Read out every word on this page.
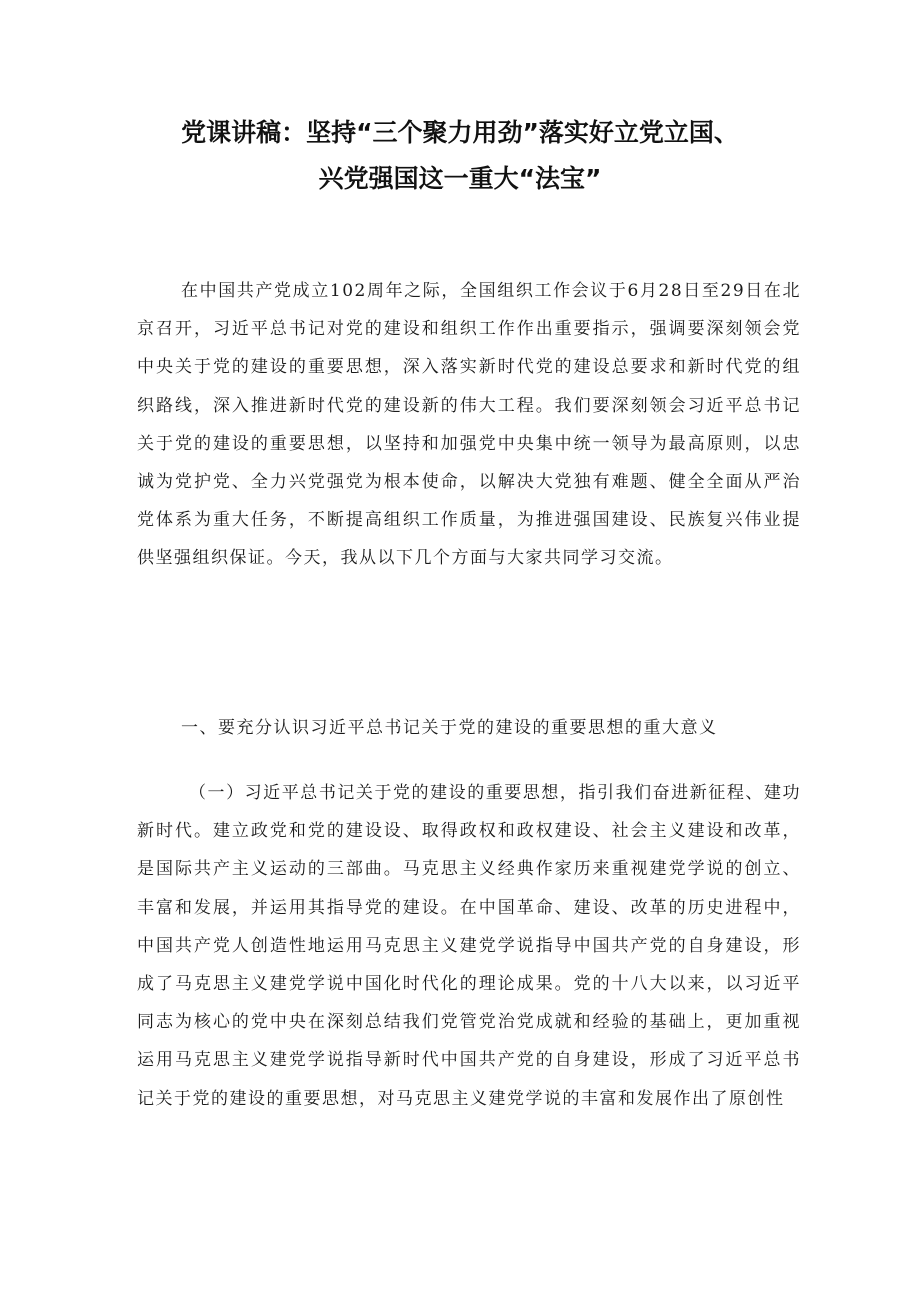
党课讲稿：坚持“三个聚力用劲”落实好立党立国、
兴党强国这一重大“法宝”

在中国共产党成立102周年之际，全国组织工作会议于6月28日至29日在北京召开，习近平总书记对党的建设和组织工作作出重要指示，强调要深刻领会党中央关于党的建设的重要思想，深入落实新时代党的建设总要求和新时代党的组织路线，深入推进新时代党的建设新的伟大工程。我们要深刻领会习近平总书记关于党的建设的重要思想，以坚持和加强党中央集中统一领导为最高原则，以忠诚为党护党、全力兴党强党为根本使命，以解决大党独有难题、健全全面从严治党体系为重大任务，不断提高组织工作质量，为推进强国建设、民族复兴伟业提供坚强组织保证。今天，我从以下几个方面与大家共同学习交流。

一、要充分认识习近平总书记关于党的建设的重要思想的重大意义

（一）习近平总书记关于党的建设的重要思想，指引我们奋进新征程、建功新时代。建立政党和党的建设设、取得政权和政权建设、社会主义建设和改革，是国际共产主义运动的三部曲。马克思主义经典作家历来重视建党学说的创立、丰富和发展，并运用其指导党的建设。在中国革命、建设、改革的历史进程中，中国共产党人创造性地运用马克思主义建党学说指导中国共产党的自身建设，形成了马克思主义建党学说中国化时代化的理论成果。党的十八大以来，以习近平同志为核心的党中央在深刻总结我们党管党治党成就和经验的基础上，更加重视运用马克思主义建党学说指导新时代中国共产党的自身建设，形成了习近平总书记关于党的建设的重要思想，对马克思主义建党学说的丰富和发展作出了原创性
